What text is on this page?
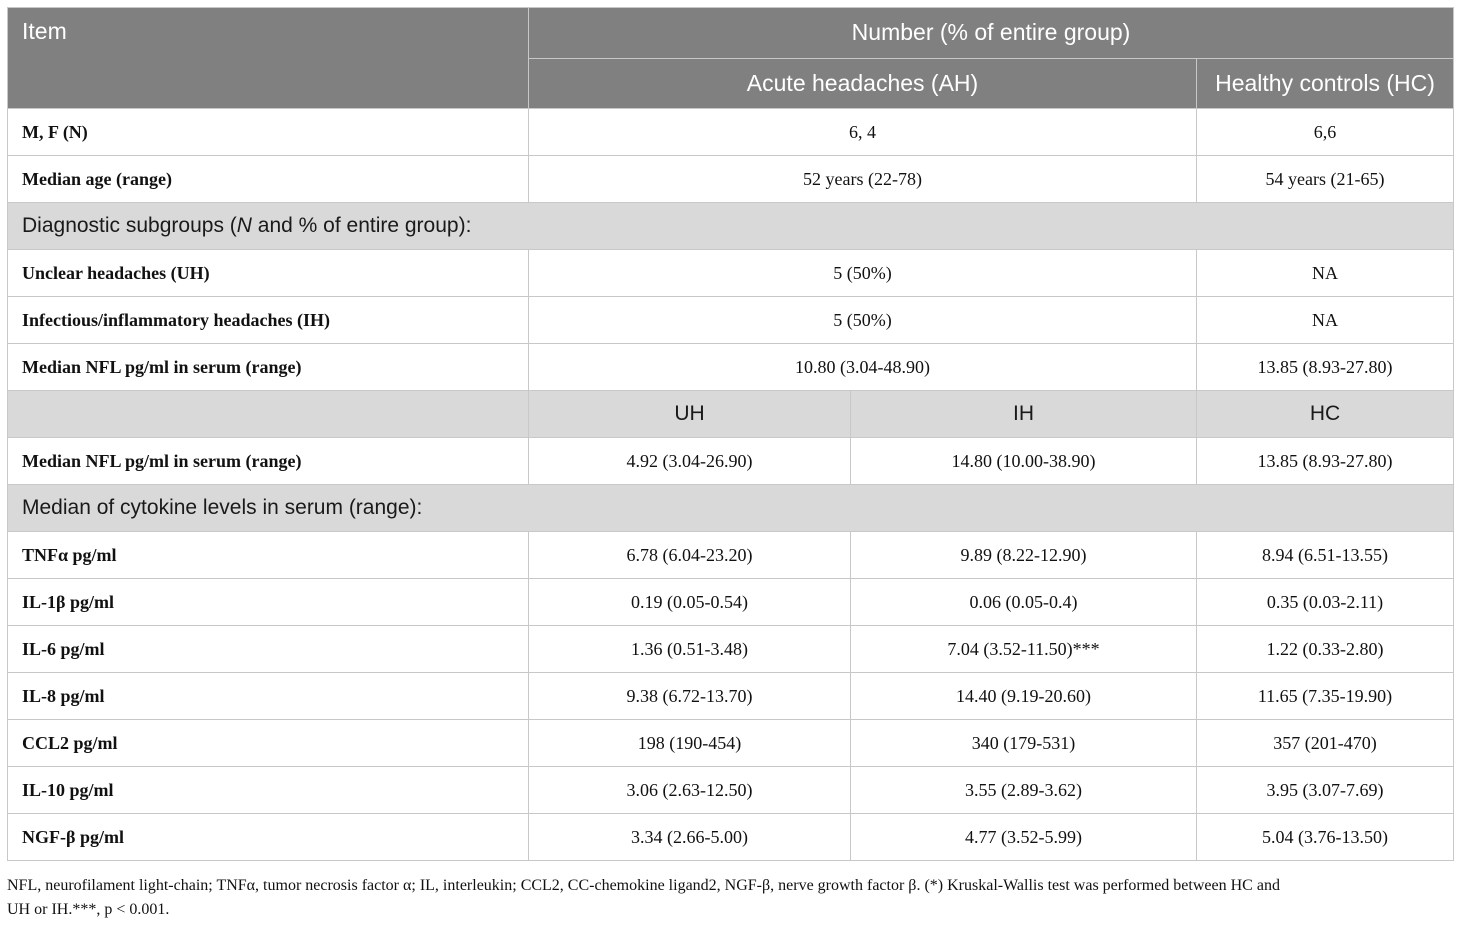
Item	Number (% of entire group)		
	Acute headaches (AH)		Healthy controls (HC)
M, F (N)	6, 4		6,6
Median age (range)	52 years (22-78)		54 years (21-65)
Diagnostic subgroups (N and % of entire group):			
Unclear headaches (UH)	5 (50%)		NA
Infectious/inflammatory headaches (IH)	5 (50%)		NA
Median NFL pg/ml in serum (range)	10.80 (3.04-48.90)		13.85 (8.93-27.80)
	UH	IH	HC
Median NFL pg/ml in serum (range)	4.92 (3.04-26.90)	14.80 (10.00-38.90)	13.85 (8.93-27.80)
Median of cytokine levels in serum (range):			
TNFα pg/ml	6.78 (6.04-23.20)	9.89 (8.22-12.90)	8.94 (6.51-13.55)
IL-1β pg/ml	0.19 (0.05-0.54)	0.06 (0.05-0.4)	0.35 (0.03-2.11)
IL-6 pg/ml	1.36 (0.51-3.48)	7.04 (3.52-11.50)***	1.22 (0.33-2.80)
IL-8 pg/ml	9.38 (6.72-13.70)	14.40 (9.19-20.60)	11.65 (7.35-19.90)
CCL2 pg/ml	198 (190-454)	340 (179-531)	357 (201-470)
IL-10 pg/ml	3.06 (2.63-12.50)	3.55 (2.89-3.62)	3.95 (3.07-7.69)
NGF-β pg/ml	3.34 (2.66-5.00)	4.77 (3.52-5.99)	5.04 (3.76-13.50)
NFL, neurofilament light-chain; TNFα, tumor necrosis factor α; IL, interleukin; CCL2, CC-chemokine ligand2, NGF-β, nerve growth factor β. (*) Kruskal-Wallis test was performed between HC and
UH or IH.***, p < 0.001.
